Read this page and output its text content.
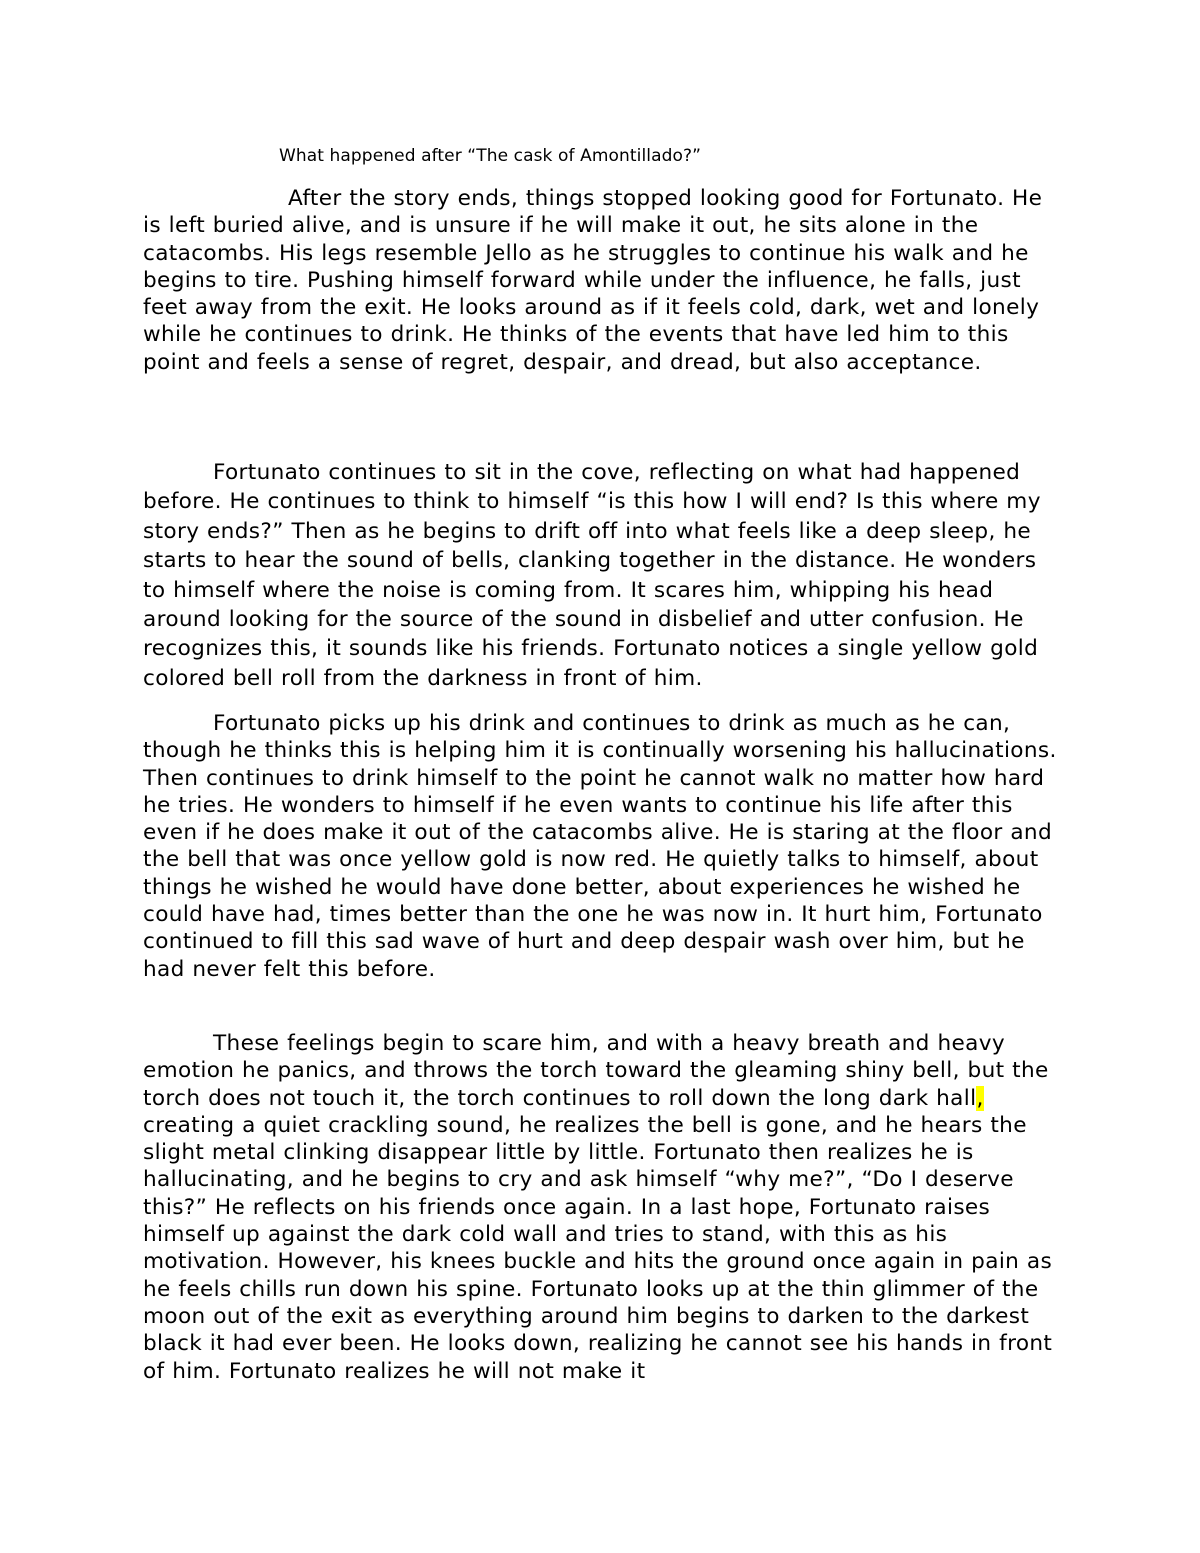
What happened after “The cask of Amontillado?”

After the story ends, things stopped looking good for Fortunato. He is left buried alive, and is unsure if he will make it out, he sits alone in the catacombs. His legs resemble Jello as he struggles to continue his walk and he begins to tire. Pushing himself forward while under the influence, he falls, just feet away from the exit. He looks around as if it feels cold, dark, wet and lonely while he continues to drink. He thinks of the events that have led him to this point and feels a sense of regret, despair, and dread, but also acceptance.

Fortunato continues to sit in the cove, reflecting on what had happened before. He continues to think to himself “is this how I will end? Is this where my story ends?” Then as he begins to drift off into what feels like a deep sleep, he starts to hear the sound of bells, clanking together in the distance. He wonders to himself where the noise is coming from. It scares him, whipping his head around looking for the source of the sound in disbelief and utter confusion. He recognizes this, it sounds like his friends. Fortunato notices a single yellow gold colored bell roll from the darkness in front of him.

Fortunato picks up his drink and continues to drink as much as he can, though he thinks this is helping him it is continually worsening his hallucinations. Then continues to drink himself to the point he cannot walk no matter how hard he tries. He wonders to himself if he even wants to continue his life after this even if he does make it out of the catacombs alive. He is staring at the floor and the bell that was once yellow gold is now red. He quietly talks to himself, about things he wished he would have done better, about experiences he wished he could have had, times better than the one he was now in. It hurt him, Fortunato continued to fill this sad wave of hurt and deep despair wash over him, but he had never felt this before.

These feelings begin to scare him, and with a heavy breath and heavy emotion he panics, and throws the torch toward the gleaming shiny bell, but the torch does not touch it, the torch continues to roll down the long dark hall, creating a quiet crackling sound, he realizes the bell is gone, and he hears the slight metal clinking disappear little by little. Fortunato then realizes he is hallucinating, and he begins to cry and ask himself “why me?”, “Do I deserve this?” He reflects on his friends once again. In a last hope, Fortunato raises himself up against the dark cold wall and tries to stand, with this as his motivation. However, his knees buckle and hits the ground once again in pain as he feels chills run down his spine. Fortunato looks up at the thin glimmer of the moon out of the exit as everything around him begins to darken to the darkest black it had ever been. He looks down, realizing he cannot see his hands in front of him. Fortunato realizes he will not make it
